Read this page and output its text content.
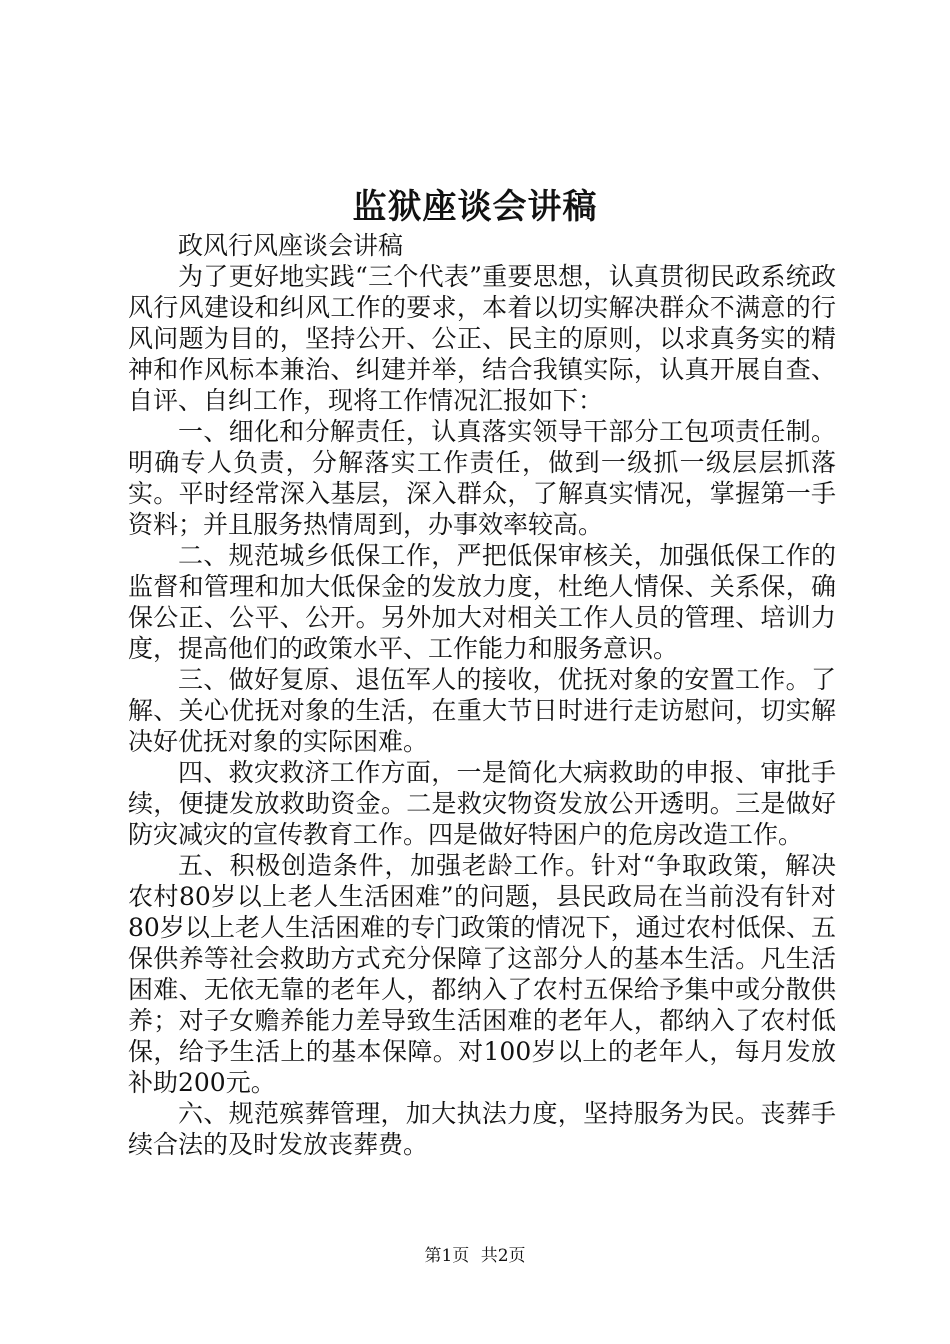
监狱座谈会讲稿

政风行风座谈会讲稿

为了更好地实践“三个代表”重要思想，认真贯彻民政系统政风行风建设和纠风工作的要求，本着以切实解决群众不满意的行风问题为目的，坚持公开、公正、民主的原则，以求真务实的精神和作风标本兼治、纠建并举，结合我镇实际，认真开展自查、自评、自纠工作，现将工作情况汇报如下：

一、细化和分解责任，认真落实领导干部分工包项责任制。明确专人负责，分解落实工作责任，做到一级抓一级层层抓落实。平时经常深入基层，深入群众，了解真实情况，掌握第一手资料；并且服务热情周到，办事效率较高。

二、规范城乡低保工作，严把低保审核关，加强低保工作的监督和管理和加大低保金的发放力度，杜绝人情保、关系保，确保公正、公平、公开。另外加大对相关工作人员的管理、培训力度，提高他们的政策水平、工作能力和服务意识。

三、做好复原、退伍军人的接收，优抚对象的安置工作。了解、关心优抚对象的生活，在重大节日时进行走访慰问，切实解决好优抚对象的实际困难。

四、救灾救济工作方面，一是简化大病救助的申报、审批手续，便捷发放救助资金。二是救灾物资发放公开透明。三是做好防灾减灾的宣传教育工作。四是做好特困户的危房改造工作。

五、积极创造条件，加强老龄工作。针对“争取政策，解决农村80岁以上老人生活困难”的问题，县民政局在当前没有针对80岁以上老人生活困难的专门政策的情况下，通过农村低保、五保供养等社会救助方式充分保障了这部分人的基本生活。凡生活困难、无依无靠的老年人，都纳入了农村五保给予集中或分散供养；对子女赡养能力差导致生活困难的老年人，都纳入了农村低保，给予生活上的基本保障。对100岁以上的老年人，每月发放补助200元。

六、规范殡葬管理，加大执法力度，坚持服务为民。丧葬手续合法的及时发放丧葬费。

第1页 共2页
